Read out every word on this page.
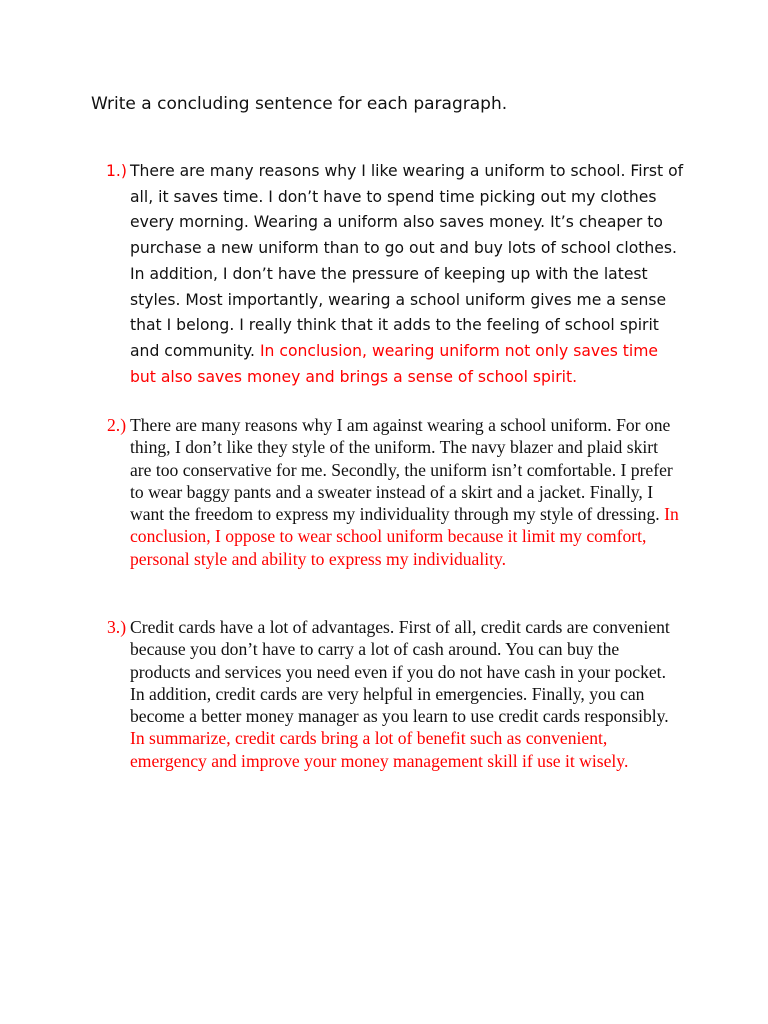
Write a concluding sentence for each paragraph.

1.) There are many reasons why I like wearing a uniform to school. First of all, it saves time. I don’t have to spend time picking out my clothes every morning. Wearing a uniform also saves money. It’s cheaper to purchase a new uniform than to go out and buy lots of school clothes. In addition, I don’t have the pressure of keeping up with the latest styles. Most importantly, wearing a school uniform gives me a sense that I belong. I really think that it adds to the feeling of school spirit and community. In conclusion, wearing uniform not only saves time but also saves money and brings a sense of school spirit.

2.) There are many reasons why I am against wearing a school uniform. For one thing, I don’t like they style of the uniform. The navy blazer and plaid skirt are too conservative for me. Secondly, the uniform isn’t comfortable. I prefer to wear baggy pants and a sweater instead of a skirt and a jacket. Finally, I want the freedom to express my individuality through my style of dressing. In conclusion, I oppose to wear school uniform because it limit my comfort, personal style and ability to express my individuality.

3.) Credit cards have a lot of advantages. First of all, credit cards are convenient because you don’t have to carry a lot of cash around. You can buy the products and services you need even if you do not have cash in your pocket. In addition, credit cards are very helpful in emergencies. Finally, you can become a better money manager as you learn to use credit cards responsibly. In summarize, credit cards bring a lot of benefit such as convenient, emergency and improve your money management skill if use it wisely.
